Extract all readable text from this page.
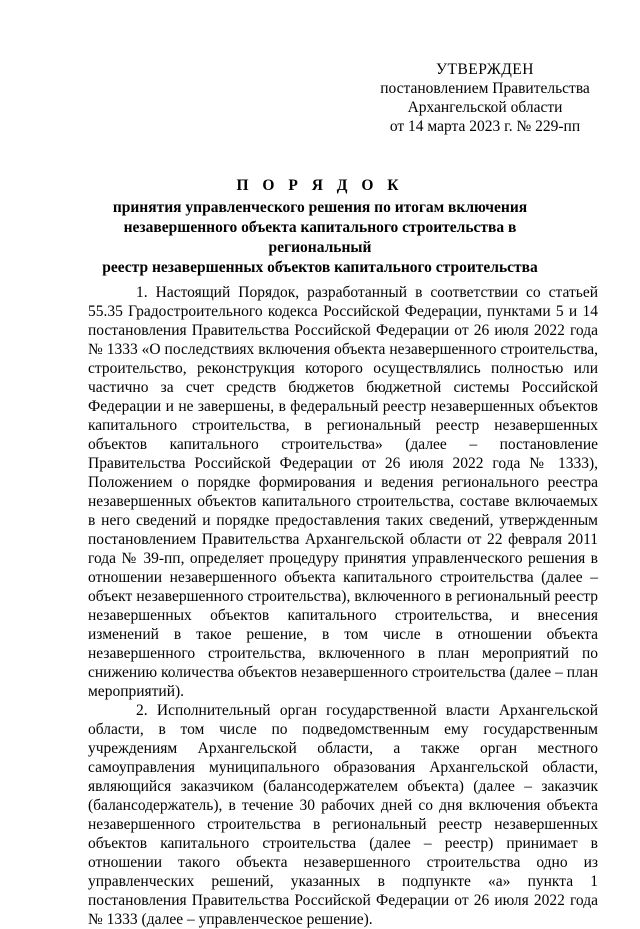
УТВЕРЖДЕН
постановлением Правительства
Архангельской области
от 14 марта 2023 г. № 229-пп
П О Р Я Д О К
принятия управленческого решения по итогам включения
незавершенного объекта капитального строительства в региональный
реестр незавершенных объектов капитального строительства

1. Настоящий Порядок, разработанный в соответствии со статьей 55.35 Градостроительного кодекса Российской Федерации, пунктами 5 и 14 постановления Правительства Российской Федерации от 26 июля 2022 года № 1333 «О последствиях включения объекта незавершенного строительства, строительство, реконструкция которого осуществлялись полностью или частично за счет средств бюджетов бюджетной системы Российской Федерации и не завершены, в федеральный реестр незавершенных объектов капитального строительства, в региональный реестр незавершенных объектов капитального строительства» (далее – постановление Правительства Российской Федерации от 26 июля 2022 года № 1333), Положением о порядке формирования и ведения регионального реестра незавершенных объектов капитального строительства, составе включаемых в него сведений и порядке предоставления таких сведений, утвержденным постановлением Правительства Архангельской области от 22 февраля 2011 года № 39-пп, определяет процедуру принятия управленческого решения в отношении незавершенного объекта капитального строительства (далее – объект незавершенного строительства), включенного в региональный реестр незавершенных объектов капитального строительства, и внесения изменений в такое решение, в том числе в отношении объекта незавершенного строительства, включенного в план мероприятий по снижению количества объектов незавершенного строительства (далее – план мероприятий).

2. Исполнительный орган государственной власти Архангельской области, в том числе по подведомственным ему государственным учреждениям Архангельской области, а также орган местного самоуправления муниципального образования Архангельской области, являющийся заказчиком (балансодержателем объекта) (далее – заказчик (балансодержатель), в течение 30 рабочих дней со дня включения объекта незавершенного строительства в региональный реестр незавершенных объектов капитального строительства (далее – реестр) принимает в отношении такого объекта незавершенного строительства одно из управленческих решений, указанных в подпункте «а» пункта 1 постановления Правительства Российской Федерации от 26 июля 2022 года № 1333 (далее – управленческое решение).
